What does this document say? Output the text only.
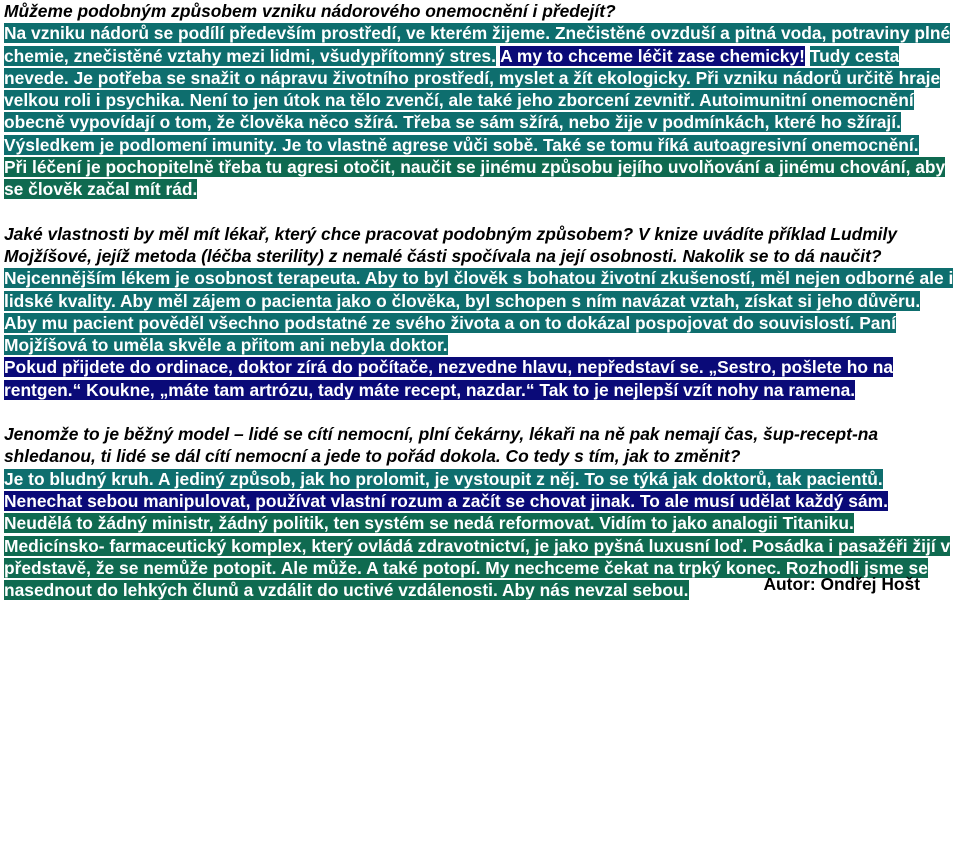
Můžeme podobným způsobem vzniku nádorového onemocnění i předejít?

Na vzniku nádorů se podílí především prostředí, ve kterém žijeme. Znečistěné ovzduší a pitná voda, potraviny plné chemie, znečistěné vztahy mezi lidmi, všudypřítomný stres. A my to chceme léčit zase chemicky! Tudy cesta nevede. Je potřeba se snažit o nápravu životního prostředí, myslet a žít ekologicky. Při vzniku nádorů určitě hraje velkou roli i psychika. Není to jen útok na tělo zvenčí, ale také jeho zborcení zevnitř. Autoimunitní onemocnění obecně vypovídají o tom, že člověka něco sžírá. Třeba se sám sžírá, nebo žije v podmínkách, které ho sžírají. Výsledkem je podlomení imunity. Je to vlastně agrese vůči sobě. Také se tomu říká autoagresivní onemocnění.

Při léčení je pochopitelně třeba tu agresi otočit, naučit se jinému způsobu jejího uvolňování a jinému chování, aby se člověk začal mít rád.

Jaké vlastnosti by měl mít lékař, který chce pracovat podobným způsobem? V knize uvádíte příklad Ludmily Mojžíšové, jejíž metoda (léčba sterility) z nemalé části spočívala na její osobnosti. Nakolik se to dá naučit?

Nejcennějším lékem je osobnost terapeuta. Aby to byl člověk s bohatou životní zkušeností, měl nejen odborné ale i lidské kvality. Aby měl zájem o pacienta jako o člověka, byl schopen s ním navázat vztah, získat si jeho důvěru. Aby mu pacient pověděl všechno podstatné ze svého života a on to dokázal pospojovat do souvislostí. Paní Mojžíšová to uměla skvěle a přitom ani nebyla doktor.

Pokud přijdete do ordinace, doktor zírá do počítače, nezvedne hlavu, nepředstaví se. „Sestro, pošlete ho na rentgen.“ Koukne, „máte tam artrózu, tady máte recept, nazdar.“ Tak to je nejlepší vzít nohy na ramena.

Jenomže to je běžný model – lidé se cítí nemocní, plní čekárny, lékaři na ně pak nemají čas, šup-recept-na shledanou, ti lidé se dál cítí nemocní a jede to pořád dokola. Co tedy s tím, jak to změnit?

Je to bludný kruh. A jediný způsob, jak ho prolomit, je vystoupit z něj. To se týká jak doktorů, tak pacientů. Nenechat sebou manipulovat, používat vlastní rozum a začít se chovat jinak. To ale musí udělat každý sám.

Neudělá to žádný ministr, žádný politik, ten systém se nedá reformovat. Vidím to jako analogii Titaniku. Medicínsko- farmaceutický komplex, který ovládá zdravotnictví, je jako pyšná luxusní loď. Posádka i pasažéři žijí v představě, že se nemůže potopit. Ale může. A také potopí. My nechceme čekat na trpký konec. Rozhodli jsme se nasednout do lehkých člunů a vzdálit do uctivé vzdálenosti. Aby nás nevzal sebou.	Autor: Ondřej Hošt
